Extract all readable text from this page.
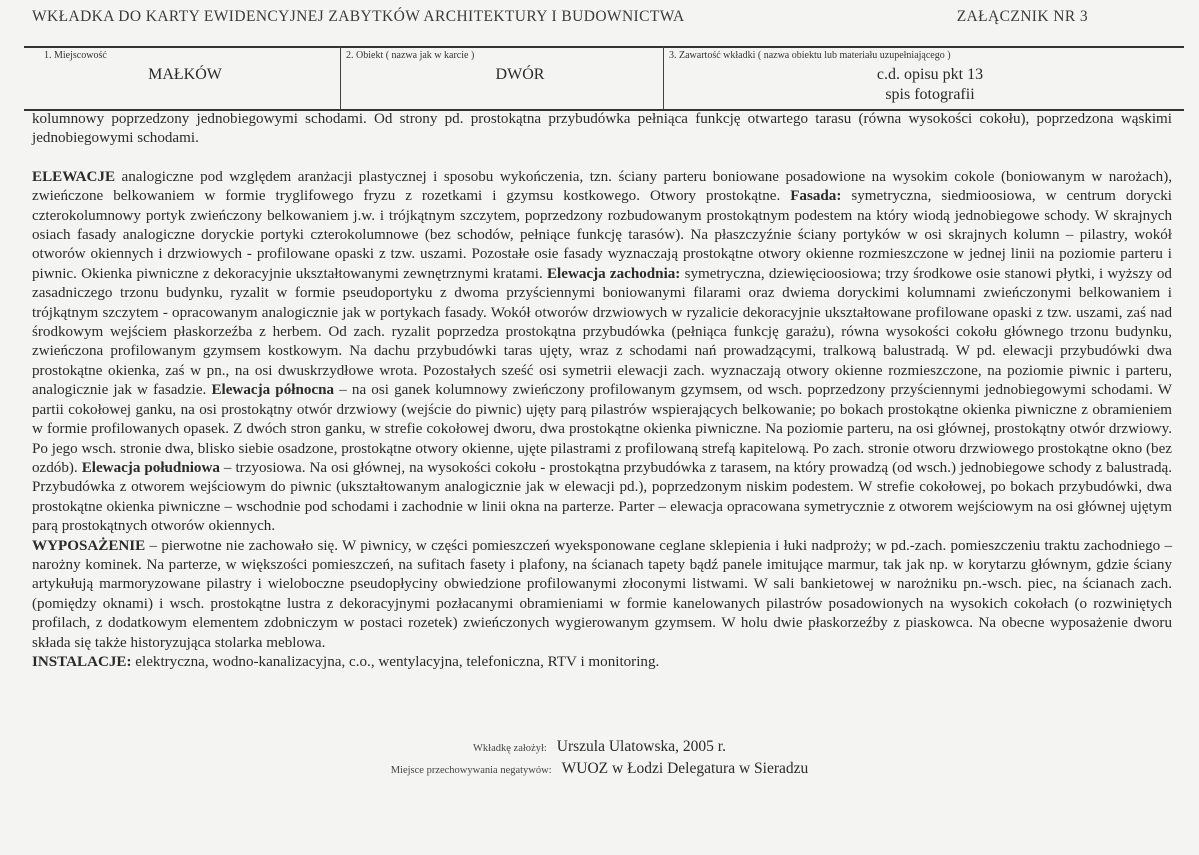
WKŁADKA DO KARTY EWIDENCYJNEJ ZABYTKÓW ARCHITEKTURY I BUDOWNICTWA	ZAŁĄCZNIK NR 3
1. Miejscowość
MAŁKÓW
2. Obiekt ( nazwa jak w karcie )
DWÓR
3. Zawartość wkładki ( nazwa obiektu lub materiału uzupełniającego )
c.d. opisu pkt 13
spis fotografii

kolumnowy poprzedzony jednobiegowymi schodami. Od strony pd. prostokątna przybudówka pełniąca funkcję otwartego tarasu (równa wysokości cokołu), poprzedzona wąskimi jednobiegowymi schodami.

ELEWACJE analogiczne pod względem aranżacji plastycznej i sposobu wykończenia, tzn. ściany parteru boniowane posadowione na wysokim cokole (boniowanym w narożach), zwieńczone belkowaniem w formie tryglifowego fryzu z rozetkami i gzymsu kostkowego. Otwory prostokątne. Fasada: symetryczna, siedmioosiowa, w centrum dorycki czterokolumnowy portyk zwieńczony belkowaniem j.w. i trójkątnym szczytem, poprzedzony rozbudowanym prostokątnym podestem na który wiodą jednobiegowe schody. W skrajnych osiach fasady analogiczne doryckie portyki czterokolumnowe (bez schodów, pełniące funkcję tarasów). Na płaszczyźnie ściany portyków w osi skrajnych kolumn – pilastry, wokół otworów okiennych i drzwiowych - profilowane opaski z tzw. uszami. Pozostałe osie fasady wyznaczają prostokątne otwory okienne rozmieszczone w jednej linii na poziomie parteru i piwnic. Okienka piwniczne z dekoracyjnie ukształtowanymi zewnętrznymi kratami. Elewacja zachodnia: symetryczna, dziewięcioosiowa; trzy środkowe osie stanowi płytki, i wyższy od zasadniczego trzonu budynku, ryzalit w formie pseudoportyku z dwoma przyściennymi boniowanymi filarami oraz dwiema doryckimi kolumnami zwieńczonymi belkowaniem i trójkątnym szczytem - opracowanym analogicznie jak w portykach fasady. Wokół otworów drzwiowych w ryzalicie dekoracyjnie ukształtowane profilowane opaski z tzw. uszami, zaś nad środkowym wejściem płaskorzeźba z herbem. Od zach. ryzalit poprzedza prostokątna przybudówka (pełniąca funkcję garażu), równa wysokości cokołu głównego trzonu budynku, zwieńczona profilowanym gzymsem kostkowym. Na dachu przybudówki taras ujęty, wraz z schodami nań prowadzącymi, tralkową balustradą. W pd. elewacji przybudówki dwa prostokątne okienka, zaś w pn., na osi dwuskrzydłowe wrota. Pozostałych sześć osi symetrii elewacji zach. wyznaczają otwory okienne rozmieszczone, na poziomie piwnic i parteru, analogicznie jak w fasadzie. Elewacja północna – na osi ganek kolumnowy zwieńczony profilowanym gzymsem, od wsch. poprzedzony przyściennymi jednobiegowymi schodami. W partii cokołowej ganku, na osi prostokątny otwór drzwiowy (wejście do piwnic) ujęty parą pilastrów wspierających belkowanie; po bokach prostokątne okienka piwniczne z obramieniem w formie profilowanych opasek. Z dwóch stron ganku, w strefie cokołowej dworu, dwa prostokątne okienka piwniczne. Na poziomie parteru, na osi głównej, prostokątny otwór drzwiowy. Po jego wsch. stronie dwa, blisko siebie osadzone, prostokątne otwory okienne, ujęte pilastrami z profilowaną strefą kapitelową. Po zach. stronie otworu drzwiowego prostokątne okno (bez ozdób). Elewacja południowa – trzyosiowa. Na osi głównej, na wysokości cokołu - prostokątna przybudówka z tarasem, na który prowadzą (od wsch.) jednobiegowe schody z balustradą. Przybudówka z otworem wejściowym do piwnic (ukształtowanym analogicznie jak w elewacji pd.), poprzedzonym niskim podestem. W strefie cokołowej, po bokach przybudówki, dwa prostokątne okienka piwniczne – wschodnie pod schodami i zachodnie w linii okna na parterze. Parter – elewacja opracowana symetrycznie z otworem wejściowym na osi głównej ujętym parą prostokątnych otworów okiennych.

WYPOSAŻENIE – pierwotne nie zachowało się. W piwnicy, w części pomieszczeń wyeksponowane ceglane sklepienia i łuki nadprożу; w pd.-zach. pomieszczeniu traktu zachodniego – narożny kominek. Na parterze, w większości pomieszczeń, na sufitach fasety i plafony, na ścianach tapety bądź panele imitujące marmur, tak jak np. w korytarzu głównym, gdzie ściany artykułują marmoryzowane pilastry i wieloboczne pseudopłyciny obwiedzione profilowanymi złoconymi listwami. W sali bankietowej w narożniku pn.-wsch. piec, na ścianach zach. (pomiędzy oknami) i wsch. prostokątne lustra z dekoracyjnymi pozłacanymi obramieniami w formie kanelowanych pilastrów posadowionych na wysokich cokołach (o rozwiniętych profilach, z dodatkowym elementem zdobniczym w postaci rozetek) zwieńczonych wygierowanym gzymsem. W holu dwie płaskorzeźby z piaskowca. Na obecne wyposażenie dworu składa się także historyzująca stolarka meblowa.

INSTALACJE: elektryczna, wodno-kanalizacyjna, c.o., wentylacyjna, telefoniczna, RTV i monitoring.

Wkładkę założył: Urszula Ulatowska, 2005 r.
Miejsce przechowywania negatywów: WUOZ w Łodzi Delegatura w Sieradzu
